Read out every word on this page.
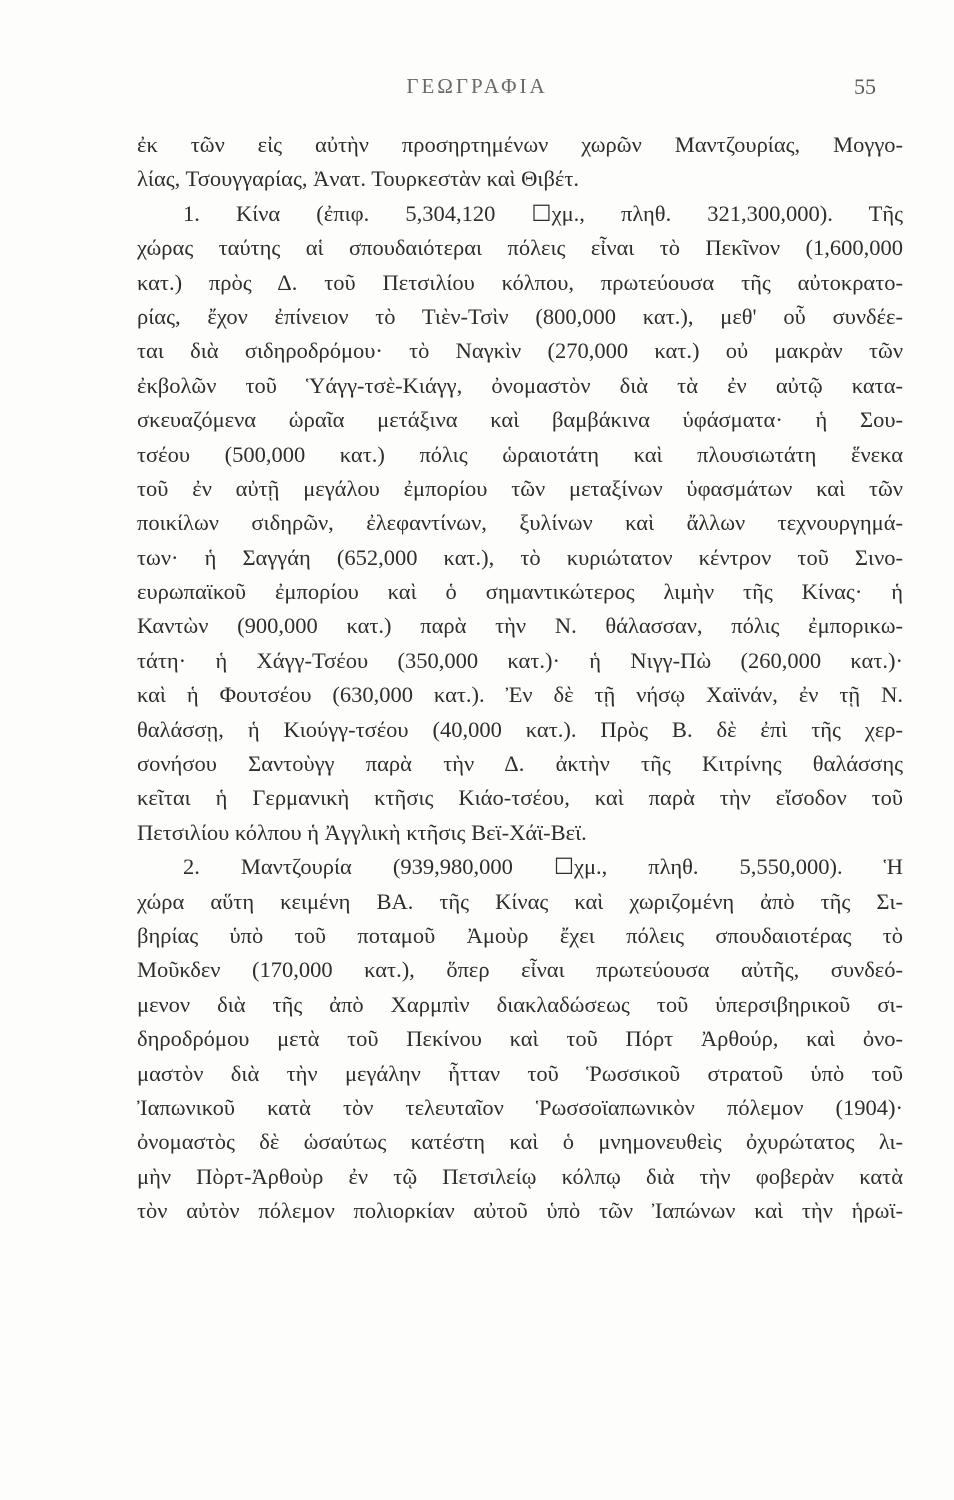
ΓΕΩΓΡΑΦΙΑ	55
ἐκ τῶν εἰς αὐτὴν προσηρτημένων χωρῶν Μαντζουρίας, Μογγο-
λίας, Τσουγγαρίας, Ἀνατ. Τουρκεστὰν καὶ Θιβέτ.
1. Κίνα (ἐπιφ. 5,304,120 ☐χμ., πληθ. 321,300,000). Τῆς
χώρας ταύτης αἱ σπουδαιότεραι πόλεις εἶναι τὸ Πεκῖνον (1,600,000
κατ.) πρὸς Δ. τοῦ Πετσιλίου κόλπου, πρωτεύουσα τῆς αὐτοκρατο-
ρίας, ἔχον ἐπίνειον τὸ Τιὲν-Τσὶν (800,000 κατ.), μεθ' οὗ συνδέε-
ται διὰ σιδηροδρόμου· τὸ Ναγκὶν (270,000 κατ.) οὐ μακρὰν τῶν
ἐκβολῶν τοῦ Ὑάγγ-τσὲ-Κιάγγ, ὀνομαστὸν διὰ τὰ ἐν αὐτῷ κατα-
σκευαζόμενα ὡραῖα μετάξινα καὶ βαμβάκινα ὑφάσματα· ἡ Σου-
τσέου (500,000 κατ.) πόλις ὡραιοτάτη καὶ πλουσιωτάτη ἕνεκα
τοῦ ἐν αὐτῇ μεγάλου ἐμπορίου τῶν μεταξίνων ὑφασμάτων καὶ τῶν
ποικίλων σιδηρῶν, ἐλεφαντίνων, ξυλίνων καὶ ἄλλων τεχνουργημά-
των· ἡ Σαγγάη (652,000 κατ.), τὸ κυριώτατον κέντρον τοῦ Σινο-
ευρωπαϊκοῦ ἐμπορίου καὶ ὁ σημαντικώτερος λιμὴν τῆς Κίνας· ἡ
Καντὼν (900,000 κατ.) παρὰ τὴν Ν. θάλασσαν, πόλις ἐμπορικω-
τάτη· ἡ Χάγγ-Τσέου (350,000 κατ.)· ἡ Νιγγ-Πὼ (260,000 κατ.)·
καὶ ἡ Φουτσέου (630,000 κατ.). Ἐν δὲ τῇ νήσῳ Χαϊνάν, ἐν τῇ Ν.
θαλάσσῃ, ἡ Κιούγγ-τσέου (40,000 κατ.). Πρὸς Β. δὲ ἐπὶ τῆς χερ-
σονήσου Σαντοὺγγ παρὰ τὴν Δ. ἀκτὴν τῆς Κιτρίνης θαλάσσης
κεῖται ἡ Γερμανικὴ κτῆσις Κιάο-τσέου, καὶ παρὰ τὴν εἴσοδον τοῦ
Πετσιλίου κόλπου ἡ Ἀγγλικὴ κτῆσις Βεϊ-Χάϊ-Βεϊ.
2. Μαντζουρία (939,980,000 ☐χμ., πληθ. 5,550,000). Ἡ
χώρα αὕτη κειμένη ΒΑ. τῆς Κίνας καὶ χωριζομένη ἀπὸ τῆς Σι-
βηρίας ὑπὸ τοῦ ποταμοῦ Ἀμοὺρ ἔχει πόλεις σπουδαιοτέρας τὸ
Μοῦκδεν (170,000 κατ.), ὅπερ εἶναι πρωτεύουσα αὐτῆς, συνδεό-
μενον διὰ τῆς ἀπὸ Χαρμπὶν διακλαδώσεως τοῦ ὑπερσιβηρικοῦ σι-
δηροδρόμου μετὰ τοῦ Πεκίνου καὶ τοῦ Πόρτ Ἀρθούρ, καὶ ὀνο-
μαστὸν διὰ τὴν μεγάλην ἧτταν τοῦ Ῥωσσικοῦ στρατοῦ ὑπὸ τοῦ
Ἰαπωνικοῦ κατὰ τὸν τελευταῖον Ῥωσσοϊαπωνικὸν πόλεμον (1904)·
ὀνομαστὸς δὲ ὡσαύτως κατέστη καὶ ὁ μνημονευθεὶς ὀχυρώτατος λι-
μὴν Πὸρτ-Ἀρθοὺρ ἐν τῷ Πετσιλείῳ κόλπῳ διὰ τὴν φοβερὰν κατὰ
τὸν αὐτὸν πόλεμον πολιορκίαν αὐτοῦ ὑπὸ τῶν Ἰαπώνων καὶ τὴν ἡρωϊ-
